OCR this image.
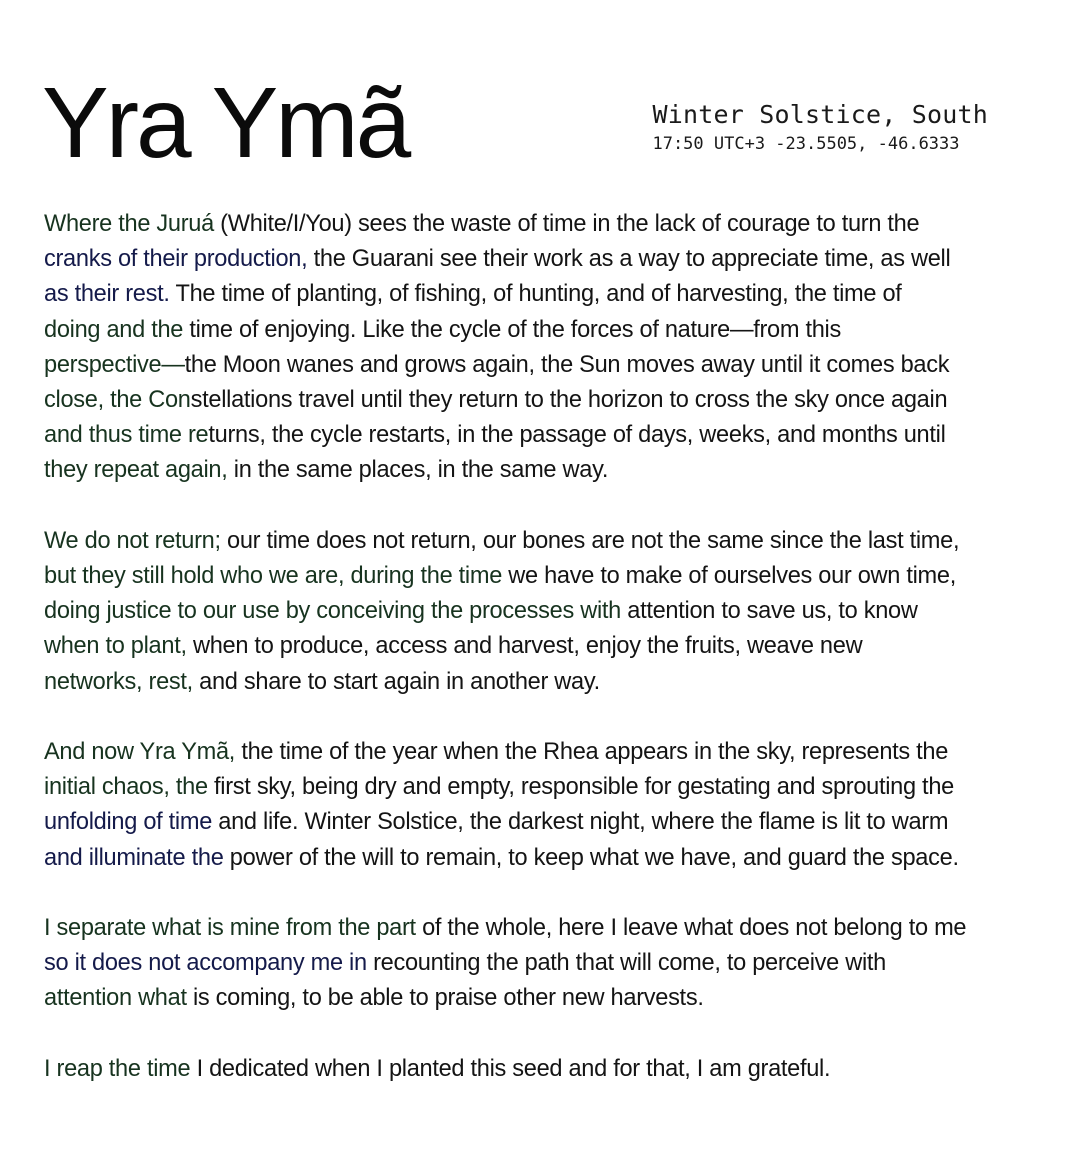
Yra Ymã	Winter Solstice, South
17:50 UTC+3 -23.5505, -46.6333

Where the Juruá (White/I/You) sees the waste of time in the lack of courage to turn the
cranks of their production, the Guarani see their work as a way to appreciate time, as well
as their rest. The time of planting, of fishing, of hunting, and of harvesting, the time of
doing and the time of enjoying. Like the cycle of the forces of nature—from this
perspective—the Moon wanes and grows again, the Sun moves away until it comes back
close, the Constellations travel until they return to the horizon to cross the sky once again
and thus time returns, the cycle restarts, in the passage of days, weeks, and months until
they repeat again, in the same places, in the same way.

We do not return; our time does not return, our bones are not the same since the last time,
but they still hold who we are, during the time we have to make of ourselves our own time,
doing justice to our use by conceiving the processes with attention to save us, to know
when to plant, when to produce, access and harvest, enjoy the fruits, weave new
networks, rest, and share to start again in another way.

And now Yra Ymã, the time of the year when the Rhea appears in the sky, represents the
initial chaos, the first sky, being dry and empty, responsible for gestating and sprouting the
unfolding of time and life. Winter Solstice, the darkest night, where the flame is lit to warm
and illuminate the power of the will to remain, to keep what we have, and guard the space.

I separate what is mine from the part of the whole, here I leave what does not belong to me
so it does not accompany me in recounting the path that will come, to perceive with
attention what is coming, to be able to praise other new harvests.

I reap the time I dedicated when I planted this seed and for that, I am grateful.
